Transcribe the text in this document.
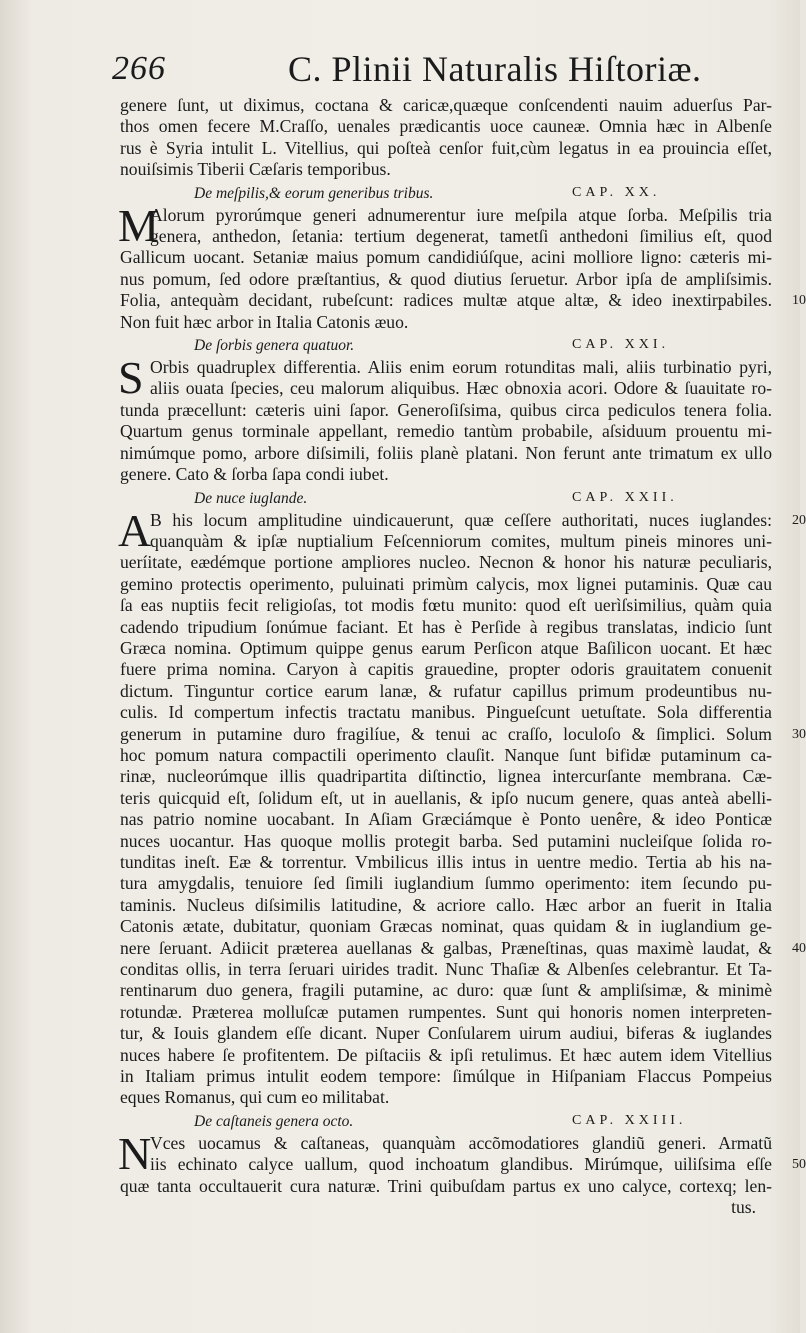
266	C. Plinii Naturalis Hiſtoriæ.
genere ſunt, ut diximus, coctana & caricæ,quæque conſcendenti nauim aduerſus Par-
thos omen fecere M.Craſſo, uenales prædicantis uoce cauneæ. Omnia hæc in Albenſe
rus è Syria intulit L. Vitellius, qui poſteà cenſor fuit,cùm legatus in ea prouincia eſſet,
nouiſsimis Tiberii Cæſaris temporibus.
De meſpilis,& eorum generibus tribus.	CAP. XX.
M
Alorum pyrorúmque generi adnumerentur iure meſpila atque ſorba. Meſpilis tria
genera, anthedon, ſetania: tertium degenerat, tametſi anthedoni ſimilius eſt, quod
Gallicum uocant. Setaniæ maius pomum candidiúſque, acini molliore ligno: cæteris mi-
nus pomum, ſed odore præſtantius, & quod diutius ſeruetur. Arbor ipſa de ampliſsimis.
Folia, antequàm decidant, rubeſcunt: radices multæ atque altæ, & ideo inextirpabiles. 10
Non fuit hæc arbor in Italia Catonis æuo.
De ſorbis genera quatuor.	CAP. XXI.
S Orbis quadruplex differentia. Aliis enim eorum rotunditas mali, aliis turbinatio pyri,
aliis ouata ſpecies, ceu malorum aliquibus. Hæc obnoxia acori. Odore & ſuauitate ro-
tunda præcellunt: cæteris uini ſapor. Generoſiſsima, quibus circa pediculos tenera folia.
Quartum genus torminale appellant, remedio tantùm probabile, aſsiduum prouentu mi-
nimúmque pomo, arbore diſsimili, foliis planè platani. Non ferunt ante trimatum ex ullo
genere. Cato & ſorba ſapa condi iubet.
De nuce iuglande.	CAP. XXII.
A
B his locum amplitudine uindicauerunt, quæ ceſſere authoritati, nuces iuglandes: 20
quanquàm & ipſæ nuptialium Feſcenniorum comites, multum pineis minores uni-
ueríitate, eædémque portione ampliores nucleo. Necnon & honor his naturæ peculiaris,
gemino protectis operimento, puluinati primùm calycis, mox lignei putaminis. Quæ cau
ſa eas nuptiis fecit religioſas, tot modis fœtu munito: quod eſt uerìſsimilius, quàm quia
cadendo tripudium ſonúmue faciant. Et has è Perſide à regibus translatas, indicio ſunt
Græca nomina. Optimum quippe genus earum Perſicon atque Baſilicon uocant. Et hæc
fuere prima nomina. Caryon à capitis grauedine, propter odoris grauitatem conuenit
dictum. Tinguntur cortice earum lanæ, & rufatur capillus primum prodeuntibus nu-
culis. Id compertum infectis tractatu manibus. Pingueſcunt uetuſtate. Sola differentia
generum in putamine duro fragilíue, & tenui ac craſſo, loculoſo & ſimplici. Solum 30
hoc pomum natura compactili operimento clauſit. Nanque ſunt bifidæ putaminum ca-
rinæ, nucleorúmque illis quadripartita diſtinctio, lignea intercurſante membrana. Cæ-
teris quicquid eſt, ſolidum eſt, ut in auellanis, & ipſo nucum genere, quas anteà abelli-
nas patrio nomine uocabant. In Aſiam Græciámque è Ponto uenêre, & ideo Ponticæ
nuces uocantur. Has quoque mollis protegit barba. Sed putamini nucleiſque ſolida ro-
tunditas ineſt. Eæ & torrentur. Vmbilicus illis intus in uentre medio. Tertia ab his na-
tura amygdalis, tenuiore ſed ſimili iuglandium ſummo operimento: item ſecundo pu-
taminis. Nucleus diſsimilis latitudine, & acriore callo. Hæc arbor an fuerit in Italia
Catonis ætate, dubitatur, quoniam Græcas nominat, quas quidam & in iuglandium ge-
nere ſeruant. Adiicit præterea auellanas & galbas, Præneſtinas, quas maximè laudat, & 40
conditas ollis, in terra ſeruari uirides tradit. Nunc Thaſiæ & Albenſes celebrantur. Et Ta-
rentinarum duo genera, fragili putamine, ac duro: quæ ſunt & ampliſsimæ, & minimè
rotundæ. Præterea molluſcæ putamen rumpentes. Sunt qui honoris nomen interpreten-
tur, & Iouis glandem eſſe dicant. Nuper Conſularem uirum audiui, biferas & iuglandes
nuces habere ſe profitentem. De piſtaciis & ipſi retulimus. Et hæc autem idem Vitellius
in Italiam primus intulit eodem tempore: ſimúlque in Hiſpaniam Flaccus Pompeius
eques Romanus, qui cum eo militabat.
De caſtaneis genera octo.	CAP. XXIII.
N
Vces uocamus & caſtaneas, quanquàm accõmodatiores glandiũ generi. Armatũ
iis echinato calyce uallum, quod inchoatum glandibus. Mirúmque, uiliſsima eſſe 50
quæ tanta occultauerit cura naturæ. Trini quibuſdam partus ex uno calyce, cortexq; len-
tus.
